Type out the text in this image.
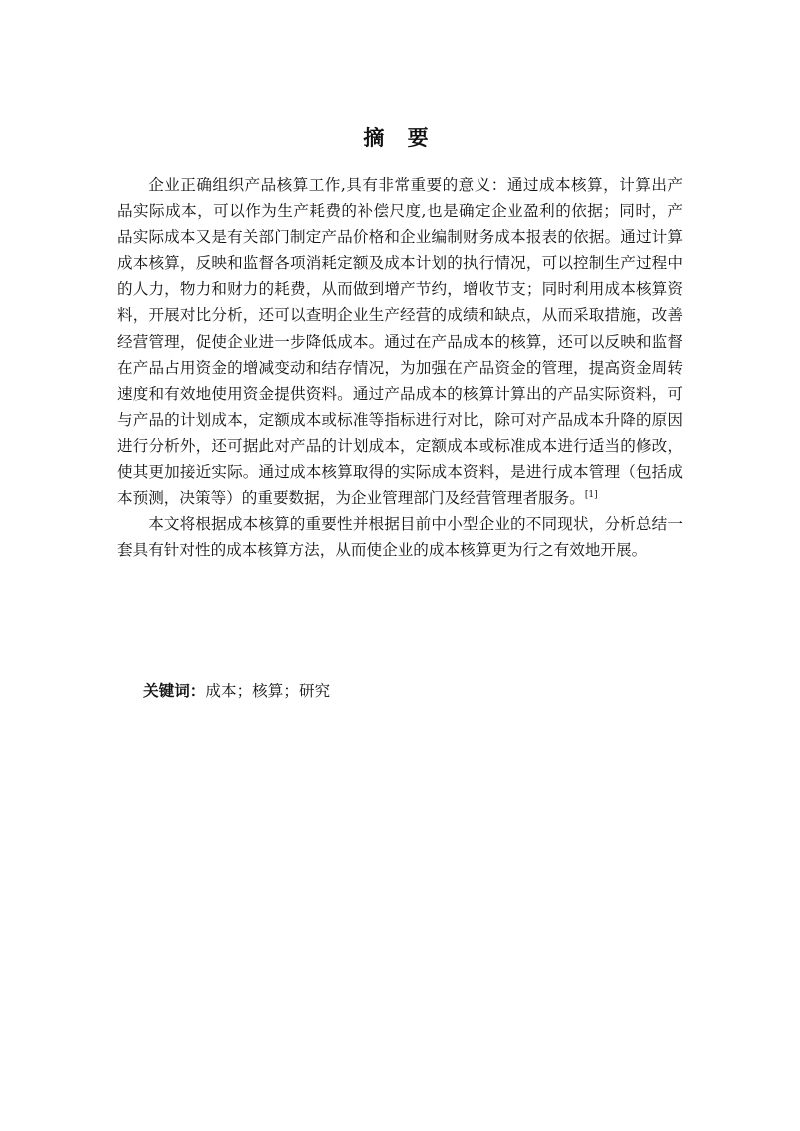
摘 要

企业正确组织产品核算工作,具有非常重要的意义：通过成本核算，计算出产品实际成本，可以作为生产耗费的补偿尺度,也是确定企业盈利的依据；同时，产品实际成本又是有关部门制定产品价格和企业编制财务成本报表的依据。通过计算成本核算，反映和监督各项消耗定额及成本计划的执行情况，可以控制生产过程中的人力，物力和财力的耗费，从而做到增产节约，增收节支；同时利用成本核算资料，开展对比分析，还可以查明企业生产经营的成绩和缺点，从而采取措施，改善经营管理，促使企业进一步降低成本。通过在产品成本的核算，还可以反映和监督在产品占用资金的增减变动和结存情况，为加强在产品资金的管理，提高资金周转速度和有效地使用资金提供资料。通过产品成本的核算计算出的产品实际资料，可与产品的计划成本，定额成本或标准等指标进行对比，除可对产品成本升降的原因进行分析外，还可据此对产品的计划成本，定额成本或标准成本进行适当的修改，使其更加接近实际。通过成本核算取得的实际成本资料，是进行成本管理（包括成本预测，决策等）的重要数据，为企业管理部门及经营管理者服务。[1]

本文将根据成本核算的重要性并根据目前中小型企业的不同现状，分析总结一套具有针对性的成本核算方法，从而使企业的成本核算更为行之有效地开展。

关键词：成本；核算；研究
